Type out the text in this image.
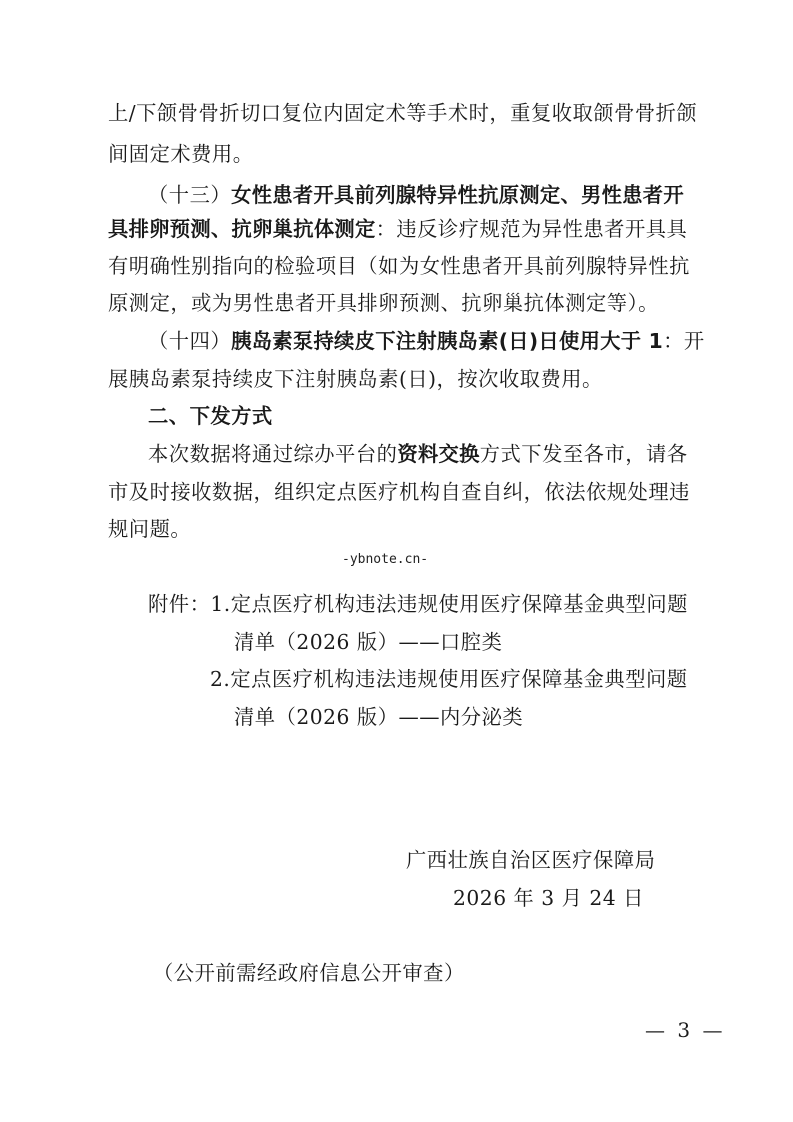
上/下颌骨骨折切口复位内固定术等手术时，重复收取颌骨骨折颌
间固定术费用。
（十三）女性患者开具前列腺特异性抗原测定、男性患者开
具排卵预测、抗卵巢抗体测定：违反诊疗规范为异性患者开具具
有明确性别指向的检验项目（如为女性患者开具前列腺特异性抗
原测定，或为男性患者开具排卵预测、抗卵巢抗体测定等）。
（十四）胰岛素泵持续皮下注射胰岛素(日)日使用大于 1：开
展胰岛素泵持续皮下注射胰岛素(日)，按次收取费用。
二、下发方式
本次数据将通过综办平台的资料交换方式下发至各市，请各
市及时接收数据，组织定点医疗机构自查自纠，依法依规处理违
规问题。
-ybnote.cn-
附件：1.定点医疗机构违法违规使用医疗保障基金典型问题
清单（2026 版）——口腔类
2.定点医疗机构违法违规使用医疗保障基金典型问题
清单（2026 版）——内分泌类
广西壮族自治区医疗保障局
2026 年 3 月 24 日
（公开前需经政府信息公开审查）
— 3 —
